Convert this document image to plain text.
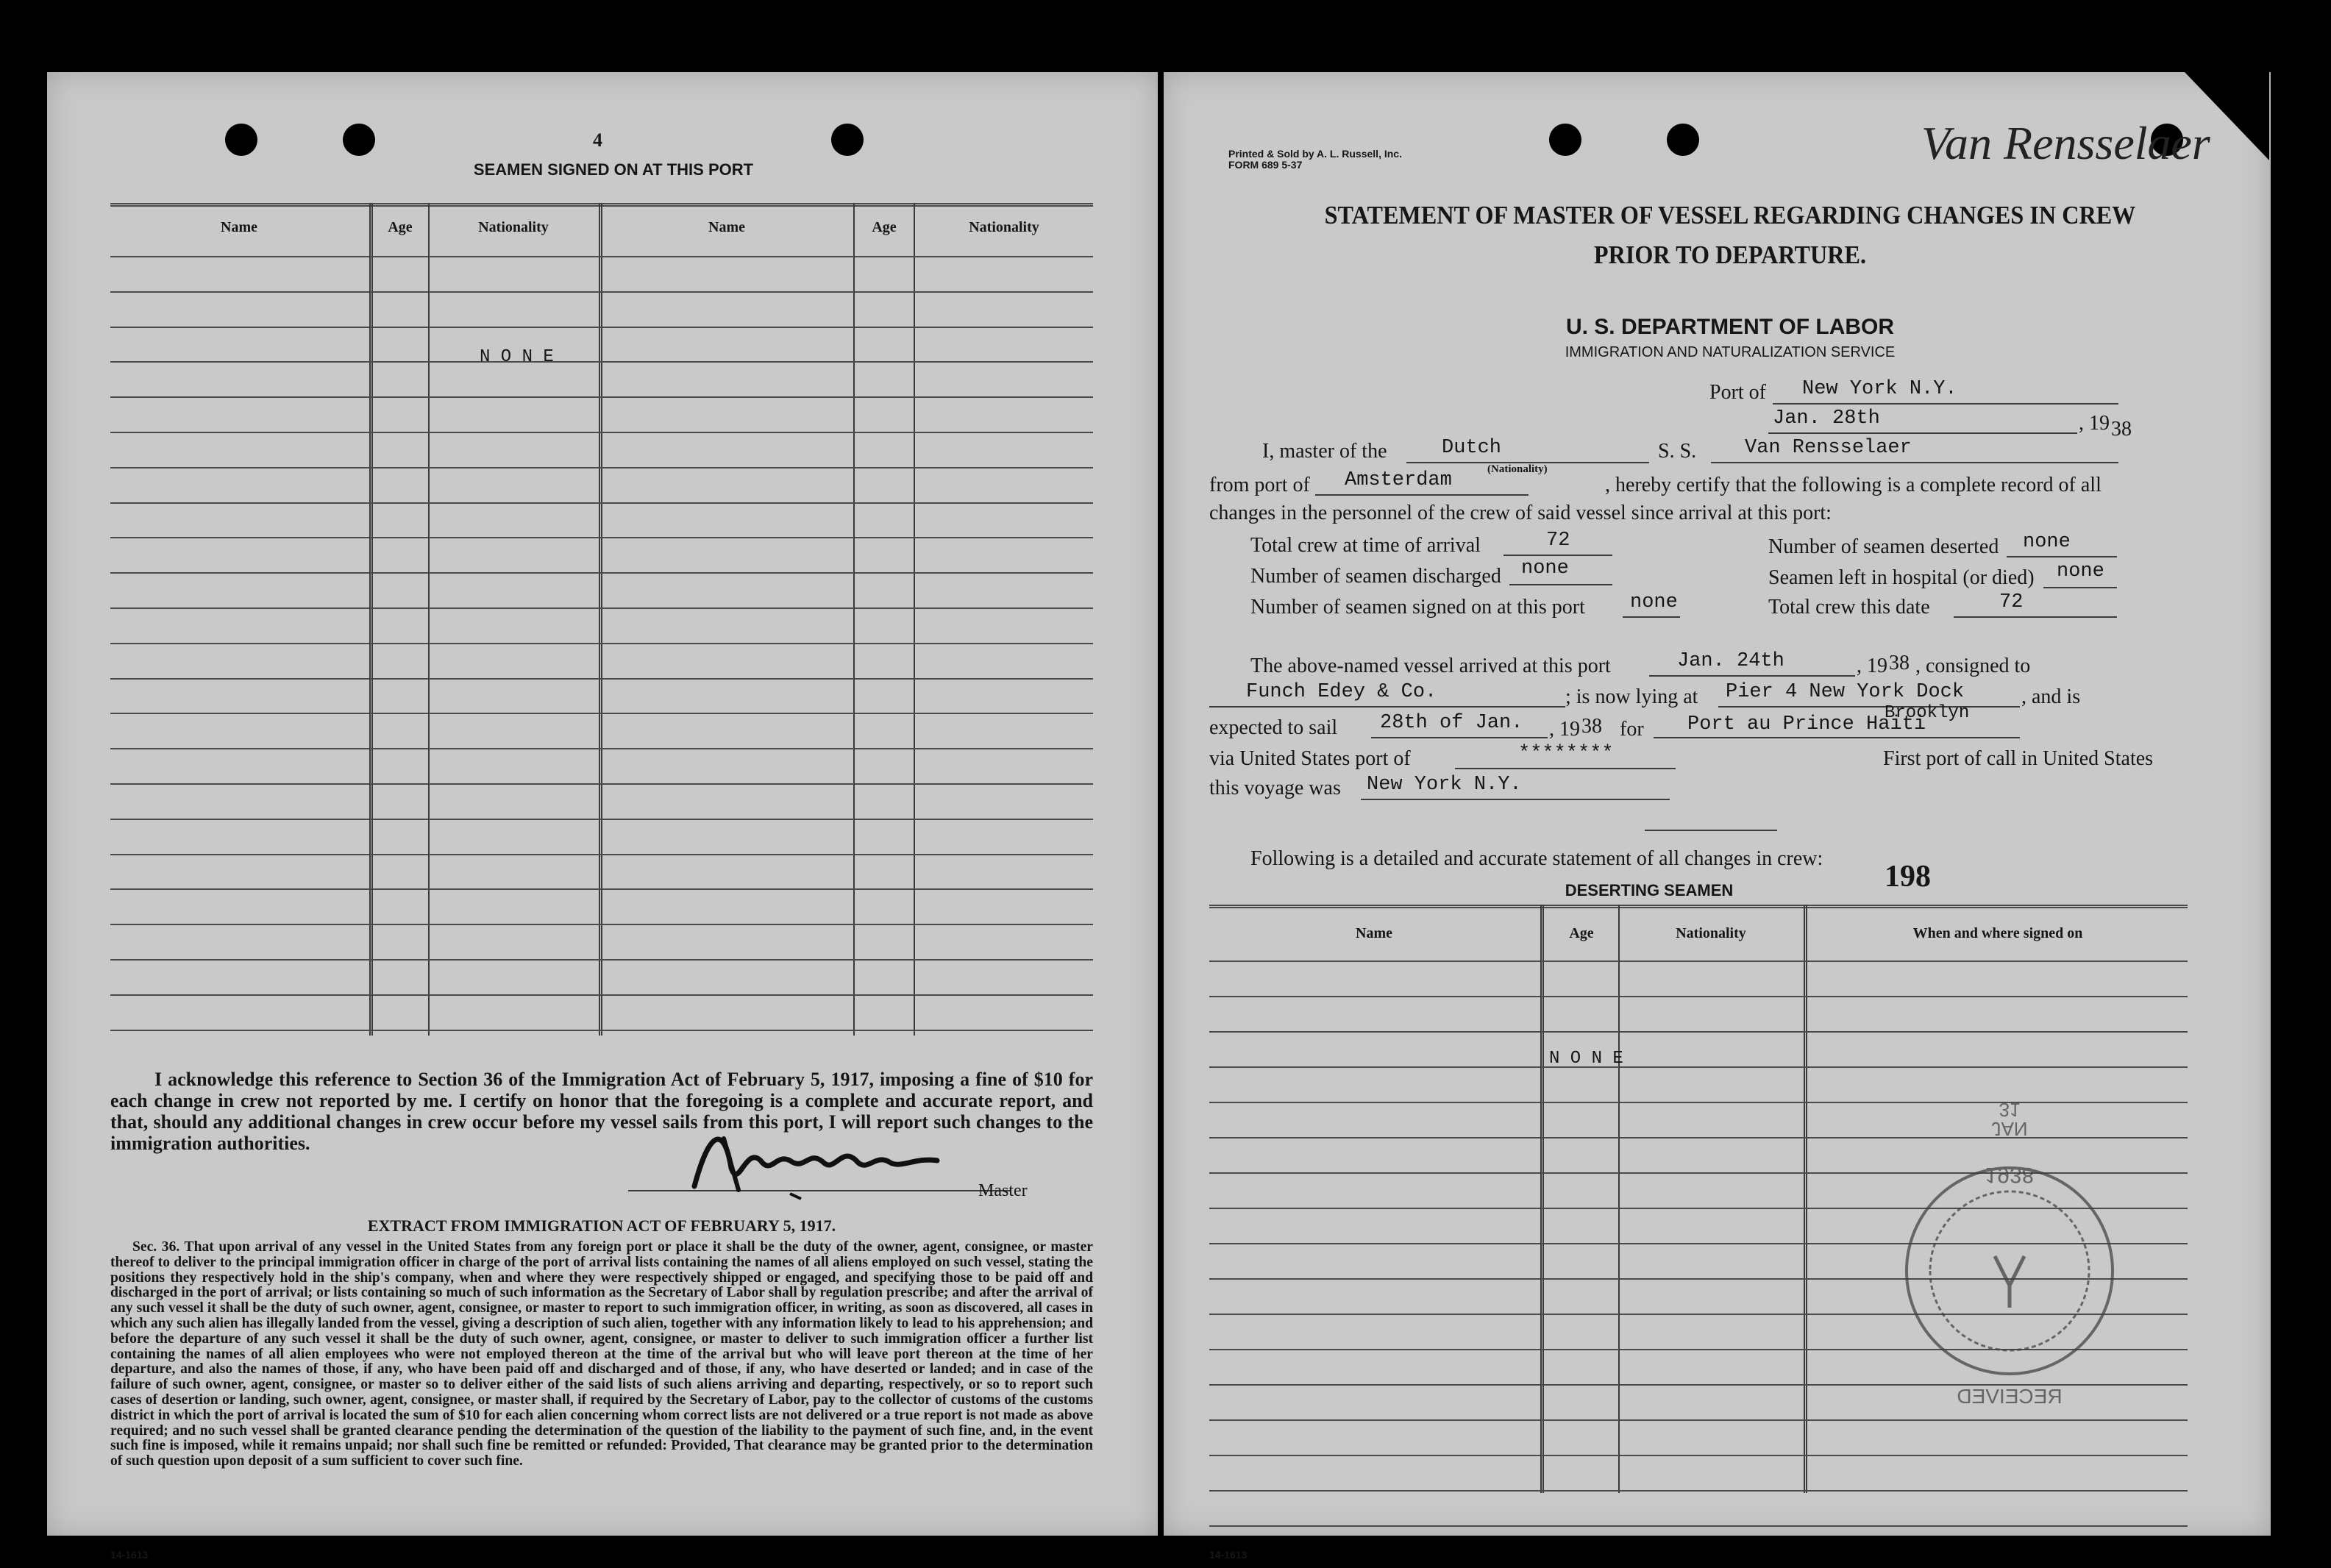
4
SEAMEN SIGNED ON AT THIS PORT
Name	Age	Nationality	Name	Age	Nationality
N O N E

I acknowledge this reference to Section 36 of the Immigration Act of February 5, 1917, imposing a fine of $10 for each change in crew not reported by me. I certify on honor that the foregoing is a complete and accurate report, and that, should any additional changes in crew occur before my vessel sails from this port, I will report such changes to the immigration authorities.

Master
EXTRACT FROM IMMIGRATION ACT OF FEBRUARY 5, 1917.

Sec. 36. That upon arrival of any vessel in the United States from any foreign port or place it shall be the duty of the owner, agent, consignee, or master thereof to deliver to the principal immigration officer in charge of the port of arrival lists containing the names of all aliens employed on such vessel, stating the positions they respectively hold in the ship's company, when and where they were respectively shipped or engaged, and specifying those to be paid off and discharged in the port of arrival; or lists containing so much of such information as the Secretary of Labor shall by regulation prescribe; and after the arrival of any such vessel it shall be the duty of such owner, agent, consignee, or master to report to such immigration officer, in writing, as soon as discovered, all cases in which any such alien has illegally landed from the vessel, giving a description of such alien, together with any information likely to lead to his apprehension; and before the departure of any such vessel it shall be the duty of such owner, agent, consignee, or master to deliver to such immigration officer a further list containing the names of all alien employees who were not employed thereon at the time of the arrival but who will leave port thereon at the time of her departure, and also the names of those, if any, who have been paid off and discharged and of those, if any, who have deserted or landed; and in case of the failure of such owner, agent, consignee, or master so to deliver either of the said lists of such aliens arriving and departing, respectively, or so to report such cases of desertion or landing, such owner, agent, consignee, or master shall, if required by the Secretary of Labor, pay to the collector of customs of the customs district in which the port of arrival is located the sum of $10 for each alien concerning whom correct lists are not delivered or a true report is not made as above required; and no such vessel shall be granted clearance pending the determination of the question of the liability to the payment of such fine, and, in the event such fine is imposed, while it remains unpaid; nor shall such fine be remitted or refunded: Provided, That clearance may be granted prior to the determination of such question upon deposit of a sum sufficient to cover such fine.

14-1613
Printed & Sold by A. L. Russell, Inc.
FORM 689 5-37	Van Rensselaer
STATEMENT OF MASTER OF VESSEL REGARDING CHANGES IN CREW
PRIOR TO DEPARTURE.
U. S. DEPARTMENT OF LABOR
IMMIGRATION AND NATURALIZATION SERVICE
Port of New York N.Y.
Jan. 28th	, 19 38
I, master of the	Dutch	S. S. Van Rensselaer
from port of Amsterdam	(Nationality)
, hereby certify that the following is a complete record of all
changes in the personnel of the crew of said vessel since arrival at this port:
Total crew at time of arrival	72	Number of seamen deserted none
Number of seamen discharged none	Seamen left in hospital (or died) none
Number of seamen signed on at this port none	Total crew this date	72
The above-named vessel arrived at this port	Jan. 24th	, 19 38 , consigned to
Funch Edey & Co.	; is now lying at Pier 4 New York Dock	, and is
Brooklyn
expected to sail 28th of Jan. , 19 38 for Port au Prince Haiti
via United States port of	********	First port of call in United States
this voyage was New York N.Y.
Following is a detailed and accurate statement of all changes in crew:
198
DESERTING SEAMEN
Name	Age	Nationality	When and where signed on
N O N E
1938
JAN
31
RECEIVED
14-1613
